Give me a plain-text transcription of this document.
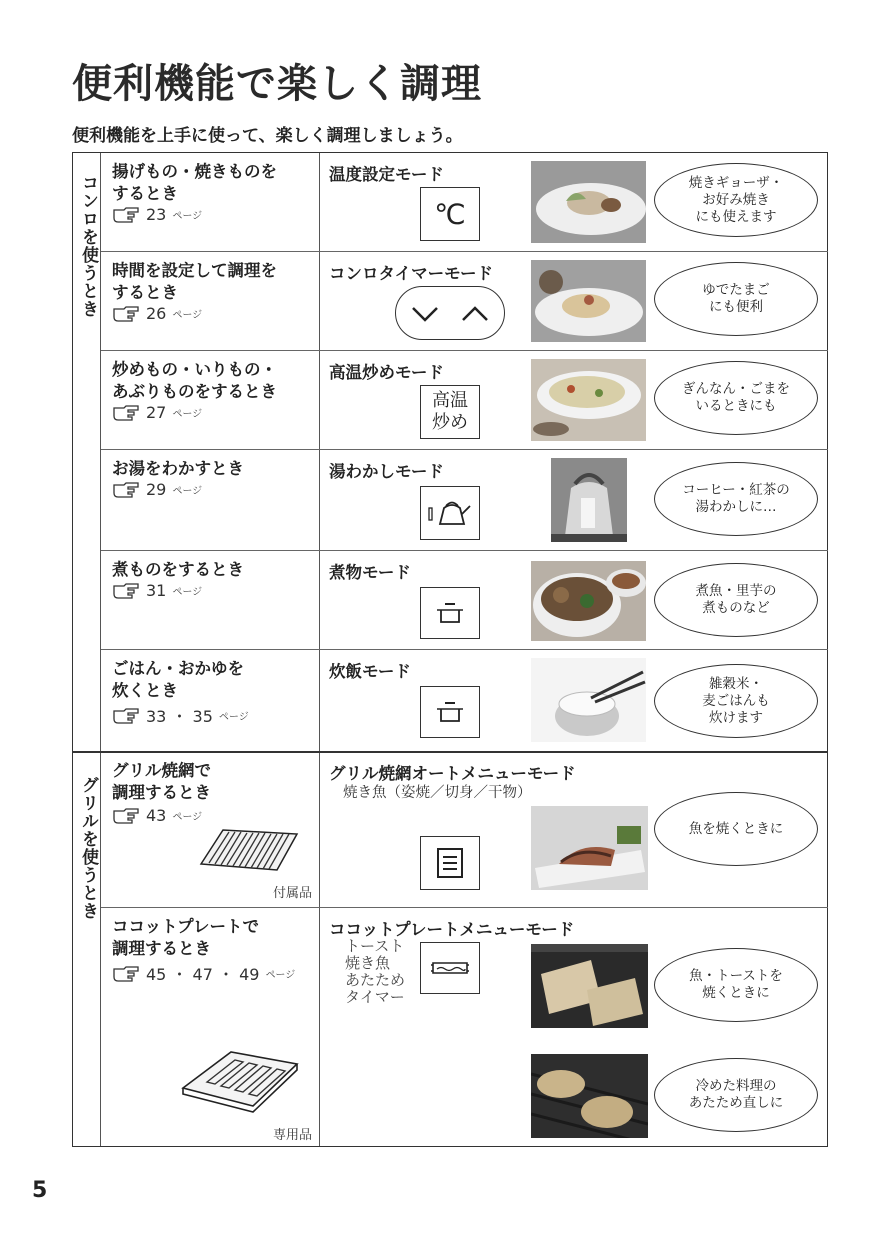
便利機能で楽しく調理
便利機能を上手に使って、楽しく調理しましょう。
コンロを使うとき
グリルを使うとき
揚げもの・焼きものを
するとき
23 ページ
温度設定モード
℃
焼きギョーザ・
お好み焼き
にも使えます
時間を設定して調理を
するとき
26 ページ
コンロタイマーモード
ゆでたまご
にも便利
炒めもの・いりもの・
あぶりものをするとき
27 ページ
高温炒めモード
高温
炒め
ぎんなん・ごまを
いるときにも
お湯をわかすとき
29 ページ
湯わかしモード
コーヒー・紅茶の
湯わかしに…
煮ものをするとき
31 ページ
煮物モード
煮魚・里芋の
煮ものなど
ごはん・おかゆを
炊くとき
33 ・ 35 ページ
炊飯モード
雑穀米・
麦ごはんも
炊けます
グリル焼網で
調理するとき
43 ページ
付属品
グリル焼網オートメニューモード
焼き魚（姿焼／切身／干物）
魚を焼くときに
ココットプレートで
調理するとき
45 ・ 47 ・ 49 ページ
専用品
ココットプレートメニューモード
トースト
焼き魚
あたため
タイマー
魚・トーストを
焼くときに
冷めた料理の
あたため直しに
5
